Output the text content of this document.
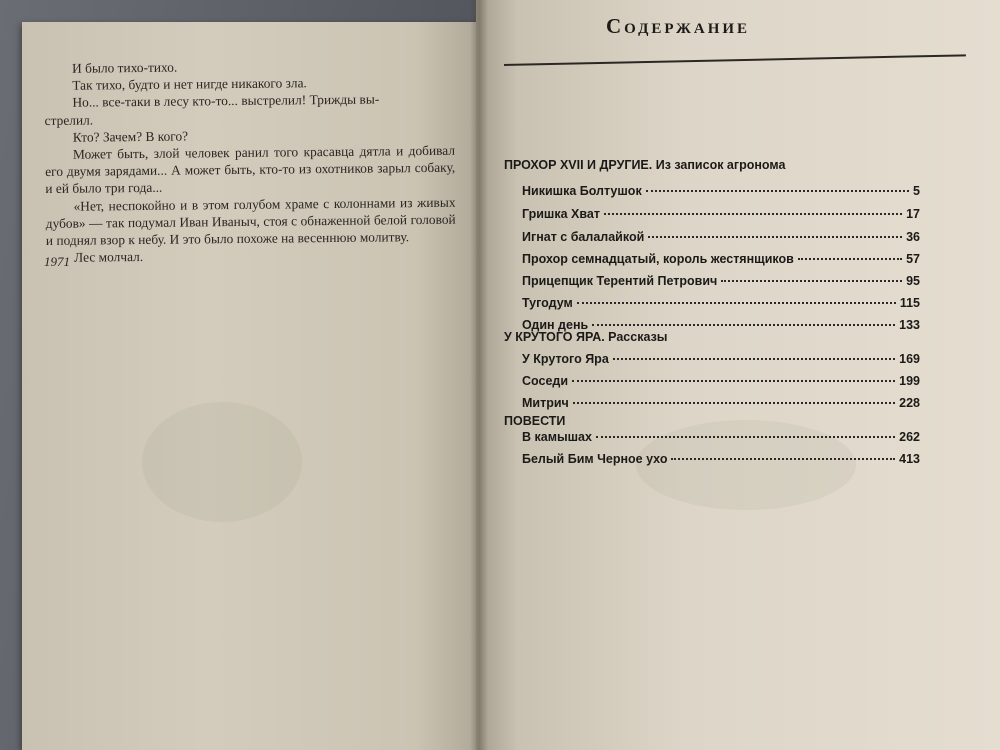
И было тихо-тихо.

Так тихо, будто и нет нигде никакого зла.

Но... все-таки в лесу кто-то... выстрелил! Трижды вы-

стрелил.

Кто? Зачем? В кого?

Может быть, злой человек ранил того красавца дятла и добивал его двумя зарядами... А может быть, кто-то из охотников зарыл собаку, и ей было три года...

«Нет, неспокойно и в этом голубом храме с колоннами из живых дубов» — так подумал Иван Иваныч, стоя с обнаженной белой головой и поднял взор к небу. И это было похоже на весеннюю молитву.

Лес молчал.

1971
Содержание
ПРОХОР XVII И ДРУГИЕ. Из записок агронома
Никишка Болтушок	5
Гришка Хват	17
Игнат с балалайкой	36
Прохор семнадцатый, король жестянщиков	57
Прицепщик Терентий Петрович	95
Тугодум	115
Один день	133
У КРУТОГО ЯРА. Рассказы
У Крутого Яра	169
Соседи	199
Митрич	228
ПОВЕСТИ
В камышах	262
Белый Бим Черное ухо	413
